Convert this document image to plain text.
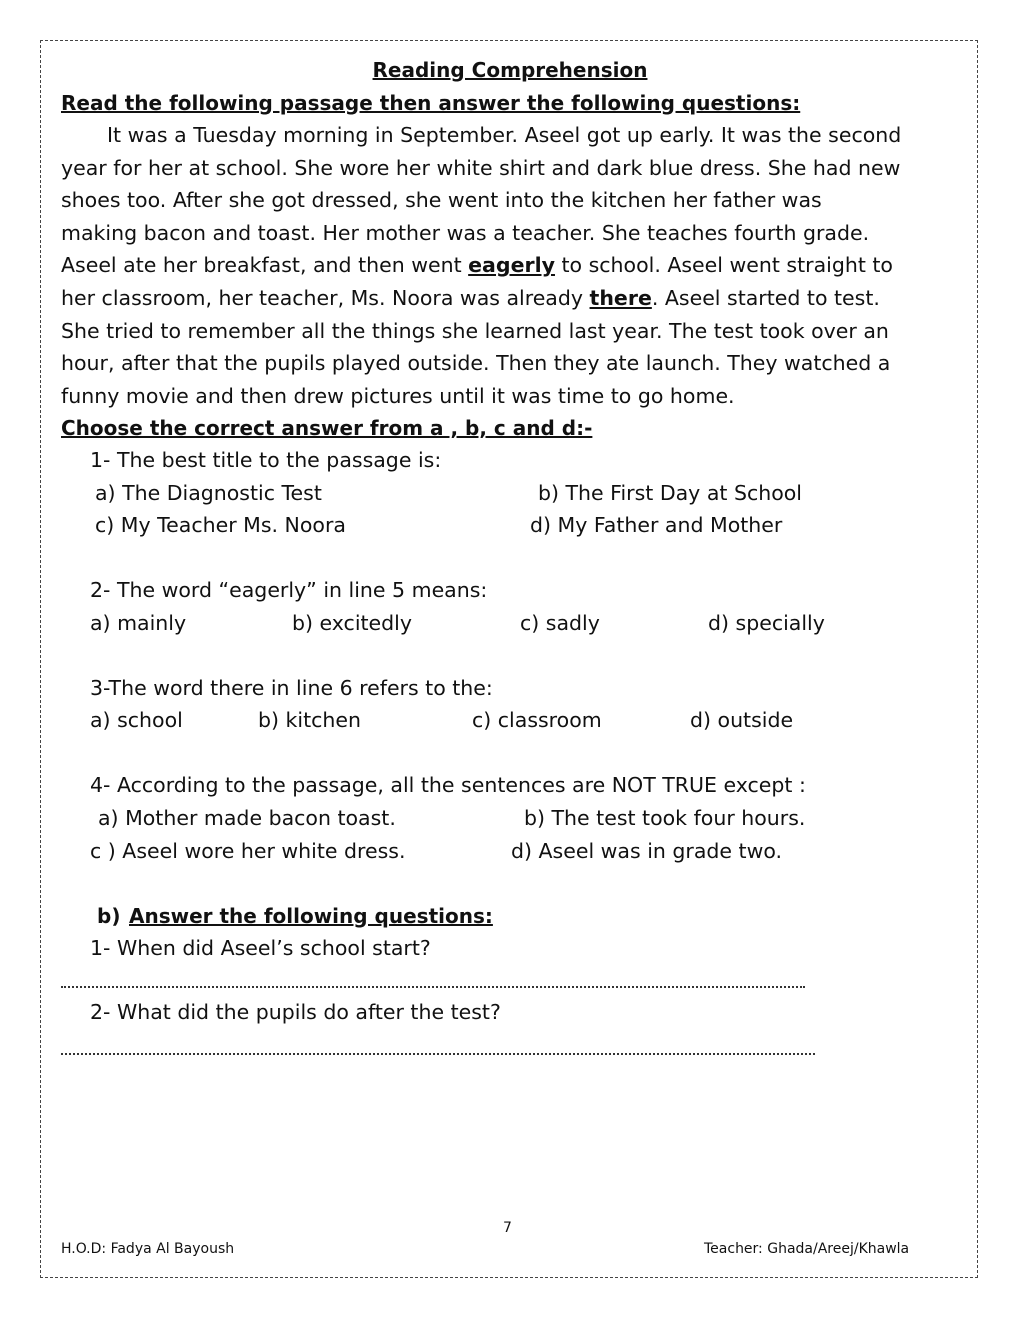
Reading Comprehension
Read the following passage then answer the following questions:
It was a Tuesday morning in September. Aseel got up early. It was the second
year for her at school. She wore her white shirt and dark blue dress. She had new
shoes too. After she got dressed, she went into the kitchen her father was
making bacon and toast. Her mother was a teacher. She teaches fourth grade.
Aseel ate her breakfast, and then went eagerly to school. Aseel went straight to
her classroom, her teacher, Ms. Noora was already there. Aseel started to test.
She tried to remember all the things she learned last year. The test took over an
hour, after that the pupils played outside. Then they ate launch. They watched a
funny movie and then drew pictures until it was time to go home.
Choose the correct answer from a , b, c and d:-
1- The best title to the passage is:
a) The Diagnostic Test	b) The First Day at School
c) My Teacher Ms. Noora	d) My Father and Mother
2- The word “eagerly” in line 5 means:
a) mainly	b) excitedly	c) sadly	d) specially
3-The word there in line 6 refers to the:
a) school	b) kitchen	c) classroom	d) outside
4- According to the passage, all the sentences are NOT TRUE except :
a) Mother made bacon toast.	b) The test took four hours.
c ) Aseel wore her white dress.	d) Aseel was in grade two.
b) Answer the following questions:
1- When did Aseel’s school start?
2- What did the pupils do after the test?
7
H.O.D: Fadya Al Bayoush	Teacher: Ghada/Areej/Khawla
